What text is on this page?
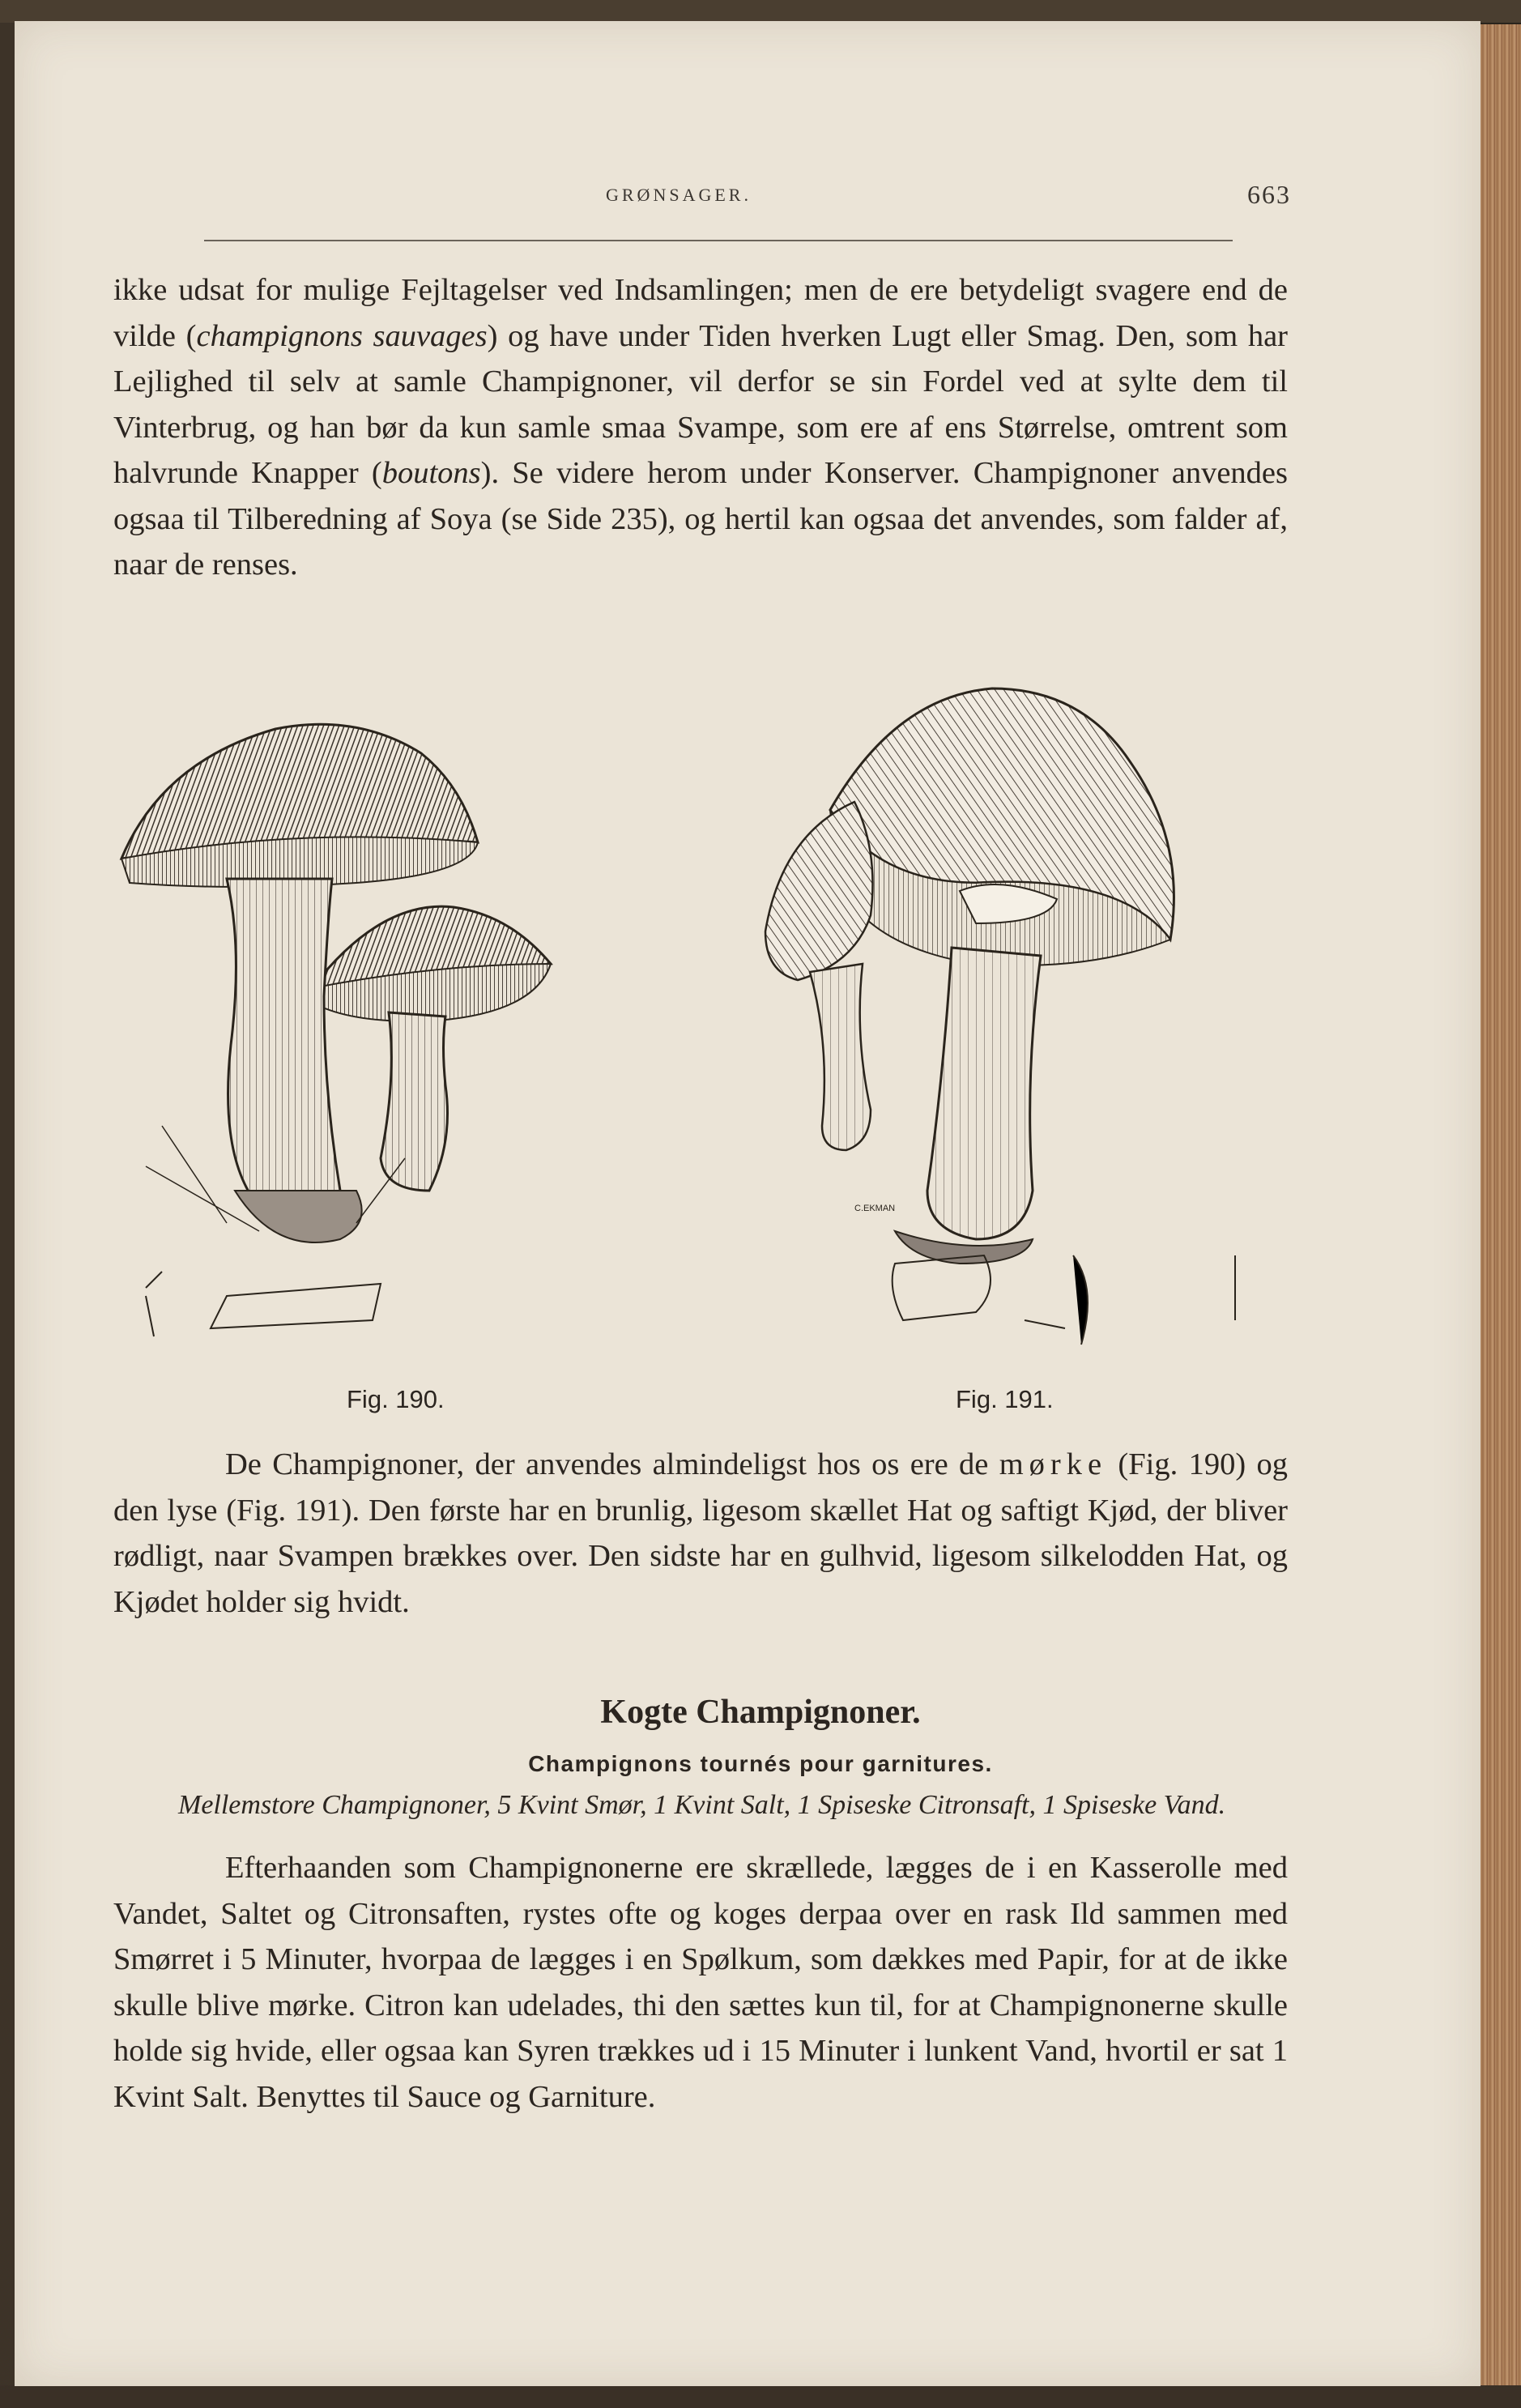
GRØNSAGER.	663
ikke udsat for mulige Fejltagelser ved Indsamlingen; men de ere betydeligt svagere end de vilde (champignons sauvages) og have under Tiden hverken Lugt eller Smag. Den, som har Lejlighed til selv at samle Champignoner, vil derfor se sin Fordel ved at sylte dem til Vinterbrug, og han bør da kun samle smaa Svampe, som ere af ens Størrelse, omtrent som halvrunde Knapper (boutons). Se videre herom under Konserver. Champignoner anvendes ogsaa til Tilberedning af Soya (se Side 235), og hertil kan ogsaa det anvendes, som falder af, naar de renses.
C.EKMAN
Fig. 190.	Fig. 191.
De Champignoner, der anvendes almindeligst hos os ere de mørke (Fig. 190) og den lyse (Fig. 191). Den første har en brunlig, ligesom skællet Hat og saftigt Kjød, der bliver rødligt, naar Svampen brækkes over. Den sidste har en gulhvid, ligesom silkelodden Hat, og Kjødet holder sig hvidt.
Kogte Champignoner.
Champignons tournés pour garnitures.
Mellemstore Champignoner, 5 Kvint Smør, 1 Kvint Salt, 1 Spiseske Citronsaft, 1 Spiseske Vand.
Efterhaanden som Champignonerne ere skrællede, lægges de i en Kasserolle med Vandet, Saltet og Citronsaften, rystes ofte og koges derpaa over en rask Ild sammen med Smørret i 5 Minuter, hvorpaa de lægges i en Spølkum, som dækkes med Papir, for at de ikke skulle blive mørke. Citron kan udelades, thi den sættes kun til, for at Champignonerne skulle holde sig hvide, eller ogsaa kan Syren trækkes ud i 15 Minuter i lunkent Vand, hvortil er sat 1 Kvint Salt. Benyttes til Sauce og Garniture.
